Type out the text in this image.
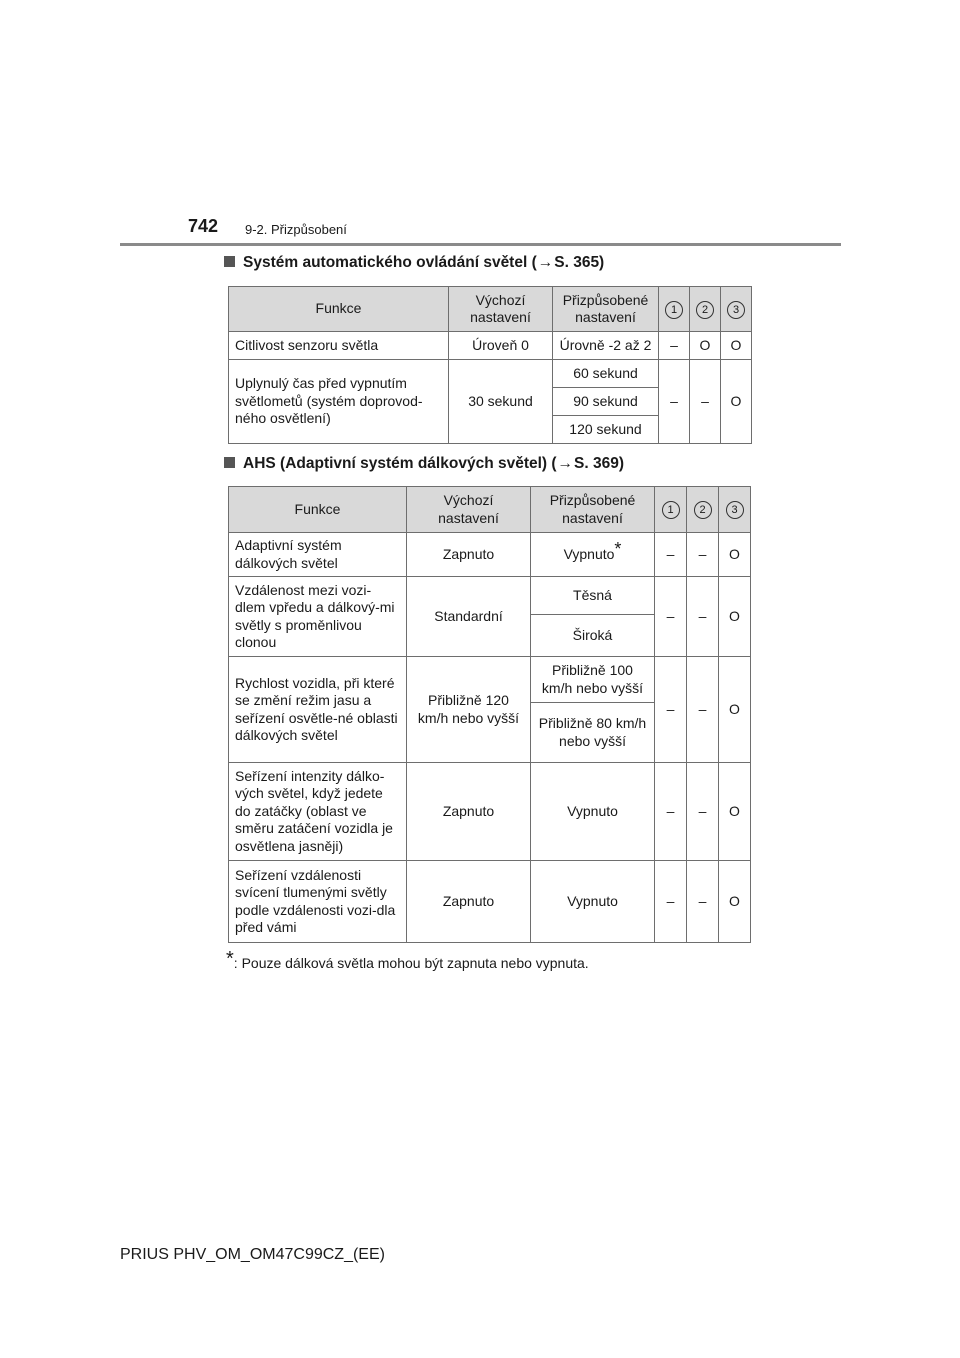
742 9-2. Přizpůsobení
Systém automatického ovládání světel (→S. 365)
Funkce	Výchozí nastavení	Přizpůsobené nastavení	1	2	3
Citlivost senzoru světla	Úroveň 0	Úrovně -2 až 2	–	O	O
Uplynulý čas před vypnutím světlometů (systém doprovod-ného osvětlení)	30 sekund	60 sekund	–	–	O
		90 sekund			
		120 sekund			
AHS (Adaptivní systém dálkových světel) (→S. 369)
Funkce	Výchozí nastavení	Přizpůsobené nastavení	1	2	3
Adaptivní systém dálkových světel	Zapnuto	Vypnuto*	–	–	O
Vzdálenost mezi vozi-dlem vpředu a dálkový-mi světly s proměnlivou clonou	Standardní	Těsná	–	–	O
		Široká			
Rychlost vozidla, při které se změní režim jasu a seřízení osvětle-né oblasti dálkových světel	Přibližně 120 km/h nebo vyšší	Přibližně 100 km/h nebo vyšší	–	–	O
		Přibližně 80 km/h nebo vyšší			
Seřízení intenzity dálko-vých světel, když jedete do zatáčky (oblast ve směru zatáčení vozidla je osvětlena jasněji)	Zapnuto	Vypnuto	–	–	O
Seřízení vzdálenosti svícení tlumenými světly podle vzdálenosti vozi-dla před vámi	Zapnuto	Vypnuto	–	–	O
*: Pouze dálková světla mohou být zapnuta nebo vypnuta.
PRIUS PHV_OM_OM47C99CZ_(EE)
